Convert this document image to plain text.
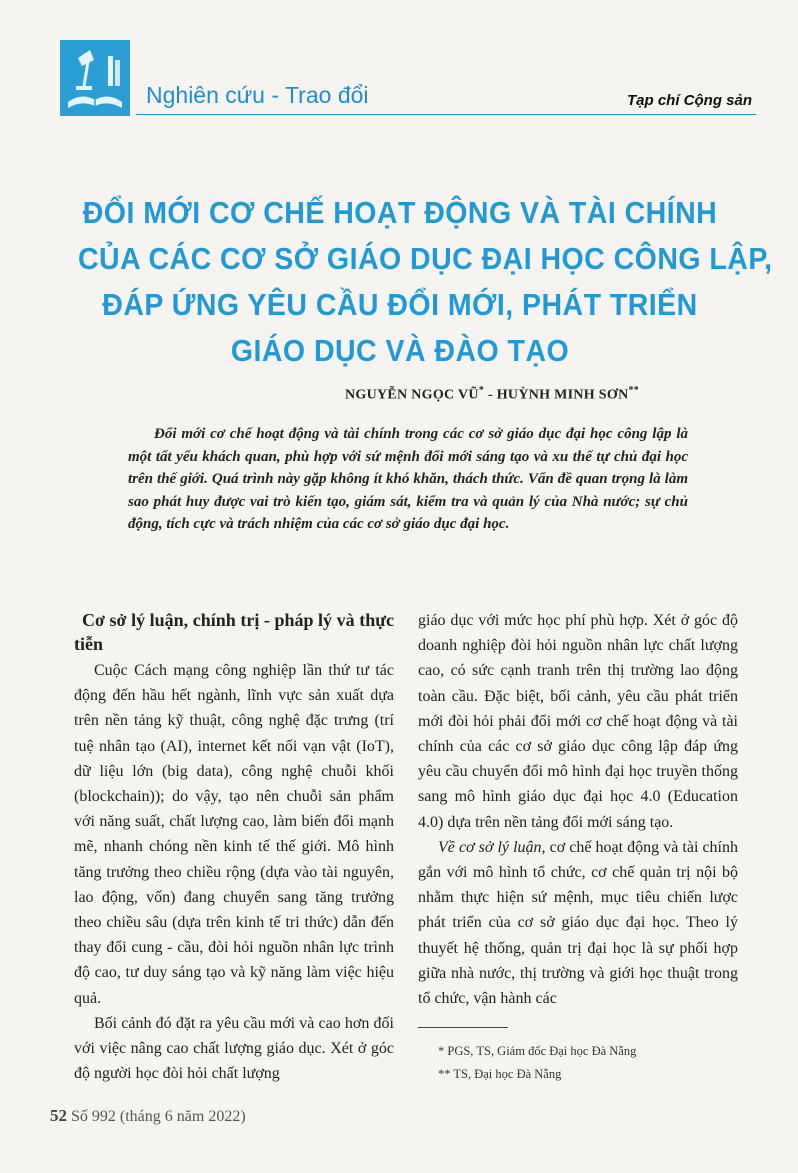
Nghiên cứu - Trao đổi	Tạp chí Cộng sản
ĐỔI MỚI CƠ CHẾ HOẠT ĐỘNG VÀ TÀI CHÍNH
CỦA CÁC CƠ SỞ GIÁO DỤC ĐẠI HỌC CÔNG LẬP,
ĐÁP ỨNG YÊU CẦU ĐỔI MỚI, PHÁT TRIỂN
GIÁO DỤC VÀ ĐÀO TẠO
NGUYỄN NGỌC VŨ* - HUỲNH MINH SƠN**

Đổi mới cơ chế hoạt động và tài chính trong các cơ sở giáo dục đại học công lập là một tất yếu khách quan, phù hợp với sứ mệnh đổi mới sáng tạo và xu thế tự chủ đại học trên thế giới. Quá trình này gặp không ít khó khăn, thách thức. Vấn đề quan trọng là làm sao phát huy được vai trò kiến tạo, giám sát, kiểm tra và quản lý của Nhà nước; sự chủ động, tích cực và trách nhiệm của các cơ sở giáo dục đại học.

Cơ sở lý luận, chính trị - pháp lý và thực tiễn

Cuộc Cách mạng công nghiệp lần thứ tư tác động đến hầu hết ngành, lĩnh vực sản xuất dựa trên nền tảng kỹ thuật, công nghệ đặc trưng (trí tuệ nhân tạo (AI), internet kết nối vạn vật (IoT), dữ liệu lớn (big data), công nghệ chuỗi khối (blockchain)); do vậy, tạo nên chuỗi sản phẩm với năng suất, chất lượng cao, làm biến đổi mạnh mẽ, nhanh chóng nền kinh tế thế giới. Mô hình tăng trưởng theo chiều rộng (dựa vào tài nguyên, lao động, vốn) đang chuyển sang tăng trưởng theo chiều sâu (dựa trên kinh tế tri thức) dẫn đến thay đổi cung - cầu, đòi hỏi nguồn nhân lực trình độ cao, tư duy sáng tạo và kỹ năng làm việc hiệu quả.

Bối cảnh đó đặt ra yêu cầu mới và cao hơn đối với việc nâng cao chất lượng giáo dục. Xét ở góc độ người học đòi hỏi chất lượng

giáo dục với mức học phí phù hợp. Xét ở góc độ doanh nghiệp đòi hỏi nguồn nhân lực chất lượng cao, có sức cạnh tranh trên thị trường lao động toàn cầu. Đặc biệt, bối cảnh, yêu cầu phát triển mới đòi hỏi phải đổi mới cơ chế hoạt động và tài chính của các cơ sở giáo dục công lập đáp ứng yêu cầu chuyển đổi mô hình đại học truyền thống sang mô hình giáo dục đại học 4.0 (Education 4.0) dựa trên nền tảng đổi mới sáng tạo.

Về cơ sở lý luận, cơ chế hoạt động và tài chính gắn với mô hình tổ chức, cơ chế quản trị nội bộ nhằm thực hiện sứ mệnh, mục tiêu chiến lược phát triển của cơ sở giáo dục đại học. Theo lý thuyết hệ thống, quản trị đại học là sự phối hợp giữa nhà nước, thị trường và giới học thuật trong tổ chức, vận hành các

* PGS, TS, Giám đốc Đại học Đà Nẵng
** TS, Đại học Đà Nẵng
52 Số 992 (tháng 6 năm 2022)
